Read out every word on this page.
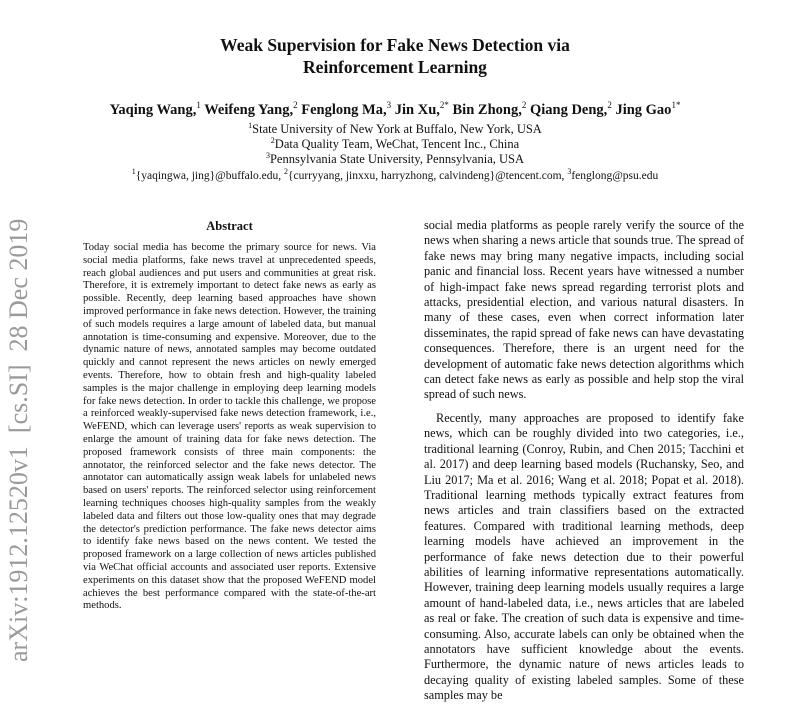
Weak Supervision for Fake News Detection via
Reinforcement Learning
Yaqing Wang,$^1$ Weifeng Yang,$^2$ Fenglong Ma,$^3$ Jin Xu,$^{2*}$ Bin Zhong,$^2$ Qiang Deng,$^2$ Jing Gao$^{1*}$
$^1$State University of New York at Buffalo, New York, USA
$^2$Data Quality Team, WeChat, Tencent Inc., China
$^3$Pennsylvania State University, Pennsylvania, USA
$^1${yaqingwa, jing}@buffalo.edu, $^2${curryyang, jinxxu, harryzhong, calvindeng}@tencent.com, $^3$fenglong@psu.edu
arXiv:1912.12520v1  [cs.SI]  28 Dec 2019	Abstract

Today social media has become the primary source for news. Via social media platforms, fake news travel at unprecedented speeds, reach global audiences and put users and communities at great risk. Therefore, it is extremely important to detect fake news as early as possible. Recently, deep learning based approaches have shown improved performance in fake news detection. However, the training of such models requires a large amount of labeled data, but manual annotation is time-consuming and expensive. Moreover, due to the dynamic nature of news, annotated samples may become outdated quickly and cannot represent the news articles on newly emerged events. Therefore, how to obtain fresh and high-quality labeled samples is the major challenge in employing deep learning models for fake news detection. In order to tackle this challenge, we propose a reinforced weakly-supervised fake news detection framework, i.e., WeFEND, which can leverage users' reports as weak supervision to enlarge the amount of training data for fake news detection. The proposed framework consists of three main components: the annotator, the reinforced selector and the fake news detector. The annotator can automatically assign weak labels for unlabeled news based on users' reports. The reinforced selector using reinforcement learning techniques chooses high-quality samples from the weakly labeled data and filters out those low-quality ones that may degrade the detector's prediction performance. The fake news detector aims to identify fake news based on the news content. We tested the proposed framework on a large collection of news articles published via WeChat official accounts and associated user reports. Extensive experiments on this dataset show that the proposed WeFEND model achieves the best performance compared with the state-of-the-art methods.

social media platforms as people rarely verify the source of the news when sharing a news article that sounds true. The spread of fake news may bring many negative impacts, including social panic and financial loss. Recent years have witnessed a number of high-impact fake news spread regarding terrorist plots and attacks, presidential election, and various natural disasters. In many of these cases, even when correct information later disseminates, the rapid spread of fake news can have devastating consequences. Therefore, there is an urgent need for the development of automatic fake news detection algorithms which can detect fake news as early as possible and help stop the viral spread of such news.

Recently, many approaches are proposed to identify fake news, which can be roughly divided into two categories, i.e., traditional learning (Conroy, Rubin, and Chen 2015; Tacchini et al. 2017) and deep learning based models (Ruchansky, Seo, and Liu 2017; Ma et al. 2016; Wang et al. 2018; Popat et al. 2018). Traditional learning methods typically extract features from news articles and train classifiers based on the extracted features. Compared with traditional learning methods, deep learning models have achieved an improvement in the performance of fake news detection due to their powerful abilities of learning informative representations automatically. However, training deep learning models usually requires a large amount of hand-labeled data, i.e., news articles that are labeled as real or fake. The creation of such data is expensive and time-consuming. Also, accurate labels can only be obtained when the annotators have sufficient knowledge about the events. Furthermore, the dynamic nature of news articles leads to decaying quality of existing labeled samples. Some of these samples may be
